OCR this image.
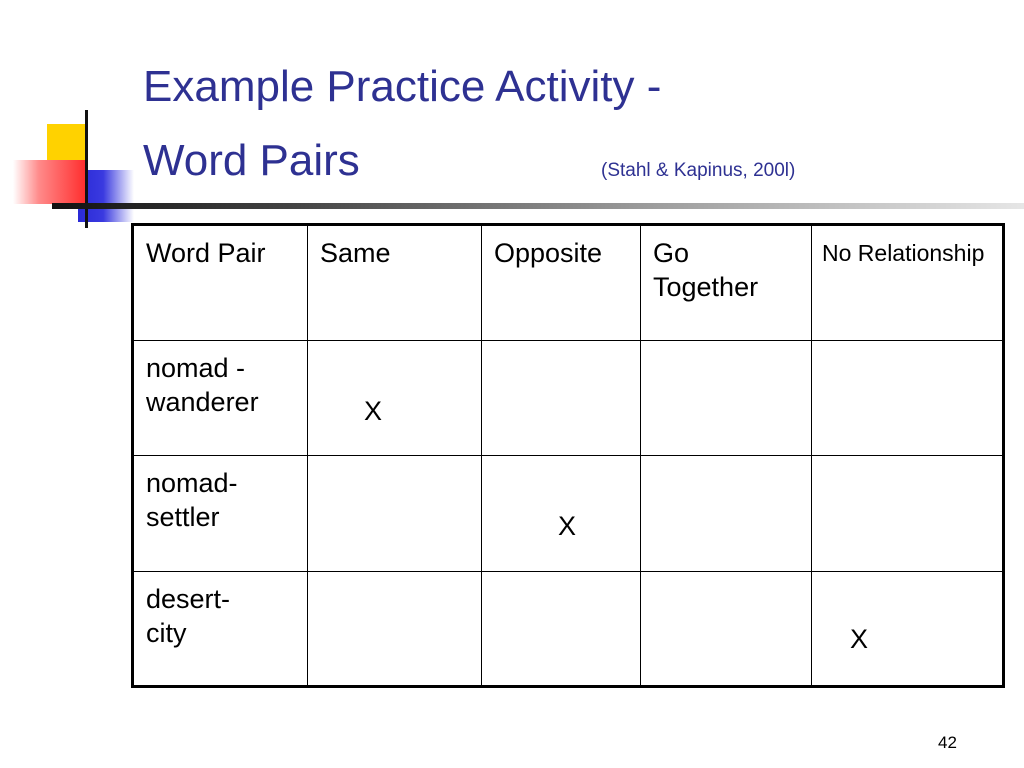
Example Practice Activity -
Word Pairs	(Stahl & Kapinus, 200l)
Word Pair	Same	Opposite	Go Together	No Relationship

nomad - wanderer	X			

nomad- settler		X		

desert- city				X
42
